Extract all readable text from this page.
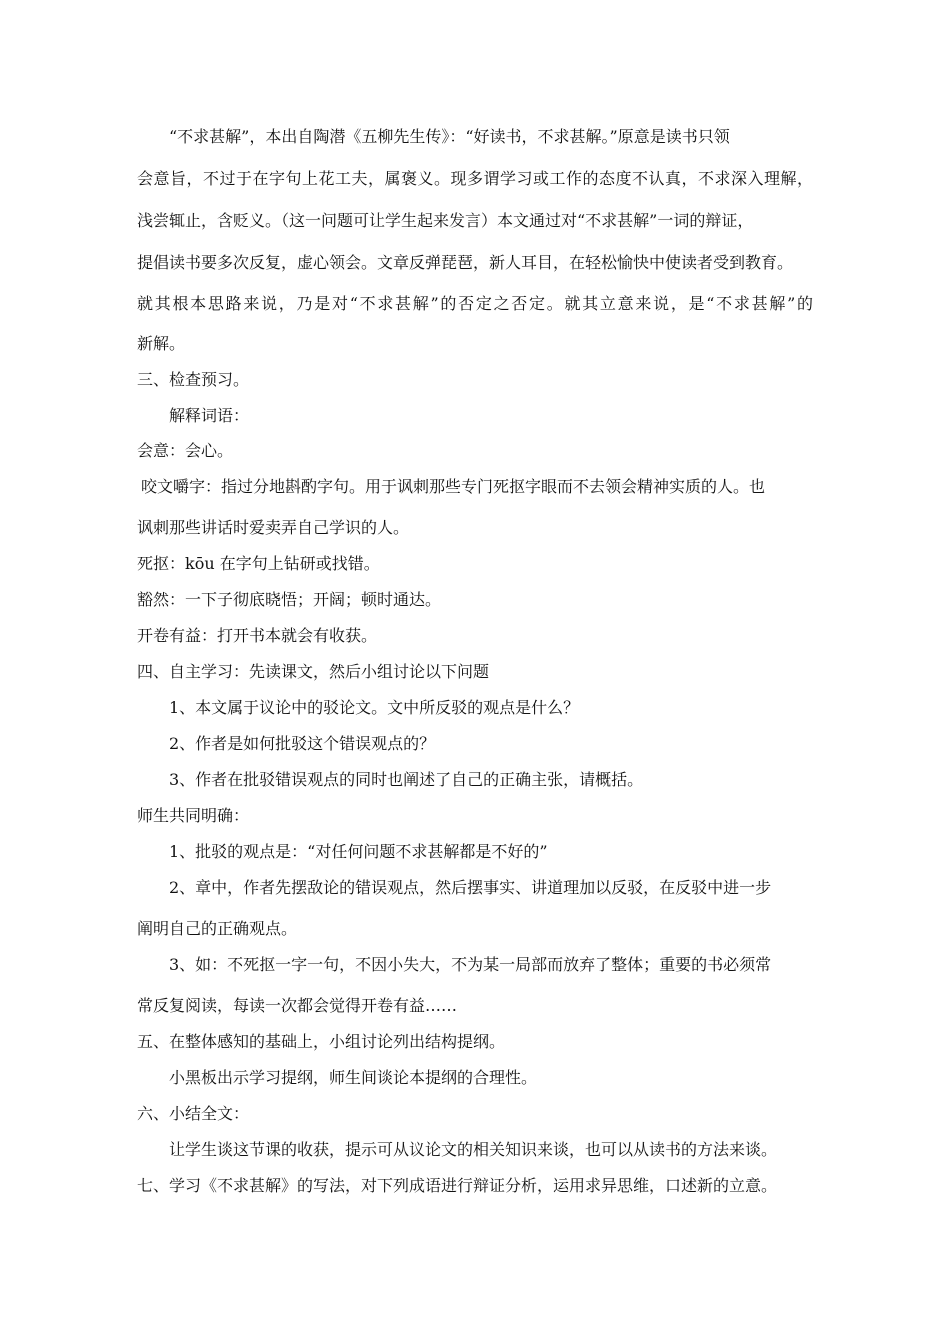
“不求甚解”，本出自陶潜《五柳先生传》：“好读书，不求甚解。”原意是读书只领
会意旨，不过于在字句上花工夫，属褒义。现多谓学习或工作的态度不认真，不求深入理解，
浅尝辄止，含贬义。（这一问题可让学生起来发言）本文通过对“不求甚解”一词的辩证，
提倡读书要多次反复，虚心领会。文章反弹琵琶，新人耳目，在轻松愉快中使读者受到教育。
就其根本思路来说，乃是对“不求甚解”的否定之否定。就其立意来说，是“不求甚解”的
新解。
三、检查预习。
解释词语：
会意：会心。
咬文嚼字：指过分地斟酌字句。用于讽刺那些专门死抠字眼而不去领会精神实质的人。也
讽刺那些讲话时爱卖弄自己学识的人。
死抠：kōu 在字句上钻研或找错。
豁然：一下子彻底晓悟；开阔；顿时通达。
开卷有益：打开书本就会有收获。
四、自主学习：先读课文，然后小组讨论以下问题
1、本文属于议论中的驳论文。文中所反驳的观点是什么？
2、作者是如何批驳这个错误观点的？
3、作者在批驳错误观点的同时也阐述了自己的正确主张，请概括。
师生共同明确：
1、批驳的观点是：“对任何问题不求甚解都是不好的”
2、章中，作者先摆敌论的错误观点，然后摆事实、讲道理加以反驳，在反驳中进一步
阐明自己的正确观点。
3、如：不死抠一字一句，不因小失大，不为某一局部而放弃了整体；重要的书必须常
常反复阅读，每读一次都会觉得开卷有益……
五、在整体感知的基础上，小组讨论列出结构提纲。
小黑板出示学习提纲，师生间谈论本提纲的合理性。
六、小结全文：
让学生谈这节课的收获，提示可从议论文的相关知识来谈，也可以从读书的方法来谈。
七、学习《不求甚解》的写法，对下列成语进行辩证分析，运用求异思维，口述新的立意。
